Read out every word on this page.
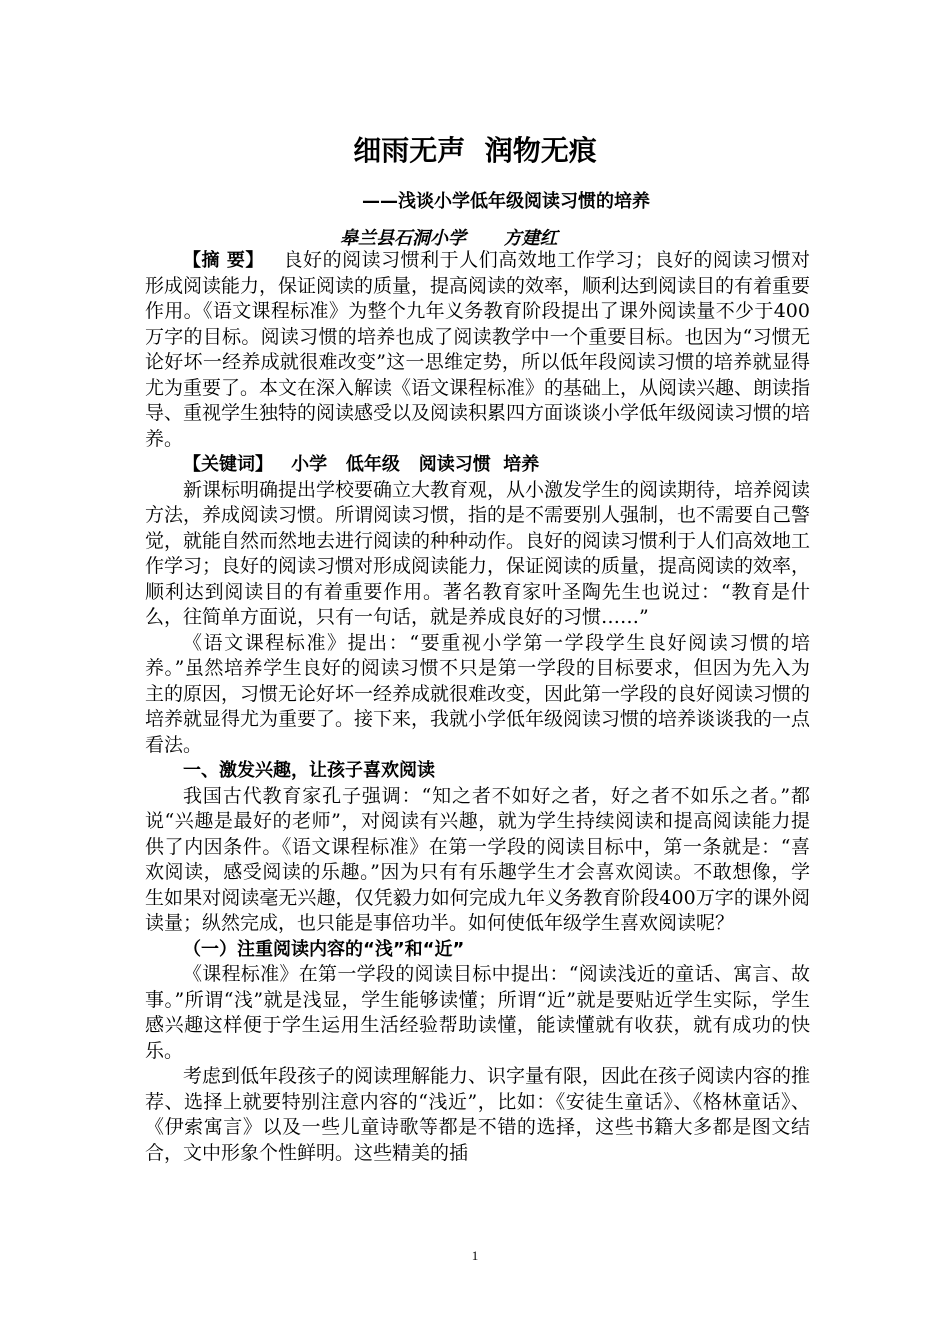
细雨无声  润物无痕
——浅谈小学低年级阅读习惯的培养
皋兰县石洞小学      方建红

【摘 要】 良好的阅读习惯利于人们高效地工作学习；良好的阅读习惯对形成阅读能力，保证阅读的质量，提高阅读的效率，顺利达到阅读目的有着重要作用。《语文课程标准》为整个九年义务教育阶段提出了课外阅读量不少于400万字的目标。阅读习惯的培养也成了阅读教学中一个重要目标。也因为“习惯无论好坏一经养成就很难改变”这一思维定势，所以低年段阅读习惯的培养就显得尤为重要了。本文在深入解读《语文课程标准》的基础上，从阅读兴趣、朗读指导、重视学生独特的阅读感受以及阅读积累四方面谈谈小学低年级阅读习惯的培养。

【关键词】 小学   低年级   阅读习惯  培养

新课标明确提出学校要确立大教育观，从小激发学生的阅读期待，培养阅读方法，养成阅读习惯。所谓阅读习惯，指的是不需要别人强制，也不需要自己警觉，就能自然而然地去进行阅读的种种动作。良好的阅读习惯利于人们高效地工作学习；良好的阅读习惯对形成阅读能力，保证阅读的质量，提高阅读的效率，顺利达到阅读目的有着重要作用。著名教育家叶圣陶先生也说过：“教育是什么，往简单方面说，只有一句话，就是养成良好的习惯……”

《语文课程标准》提出：“要重视小学第一学段学生良好阅读习惯的培养。”虽然培养学生良好的阅读习惯不只是第一学段的目标要求，但因为先入为主的原因，习惯无论好坏一经养成就很难改变，因此第一学段的良好阅读习惯的培养就显得尤为重要了。接下来，我就小学低年级阅读习惯的培养谈谈我的一点看法。

一、激发兴趣，让孩子喜欢阅读

我国古代教育家孔子强调：“知之者不如好之者，好之者不如乐之者。”都说“兴趣是最好的老师”，对阅读有兴趣，就为学生持续阅读和提高阅读能力提供了内因条件。《语文课程标准》在第一学段的阅读目标中，第一条就是：“喜欢阅读，感受阅读的乐趣。”因为只有有乐趣学生才会喜欢阅读。不敢想像，学生如果对阅读毫无兴趣，仅凭毅力如何完成九年义务教育阶段400万字的课外阅读量；纵然完成，也只能是事倍功半。如何使低年级学生喜欢阅读呢？

（一）注重阅读内容的“浅”和“近”

《课程标准》在第一学段的阅读目标中提出：“阅读浅近的童话、寓言、故事。”所谓“浅”就是浅显，学生能够读懂；所谓“近”就是要贴近学生实际，学生感兴趣这样便于学生运用生活经验帮助读懂，能读懂就有收获，就有成功的快乐。

考虑到低年段孩子的阅读理解能力、识字量有限，因此在孩子阅读内容的推荐、选择上就要特别注意内容的“浅近”，比如：《安徒生童话》、《格林童话》、《伊索寓言》以及一些儿童诗歌等都是不错的选择，这些书籍大多都是图文结合，文中形象个性鲜明。这些精美的插

1
